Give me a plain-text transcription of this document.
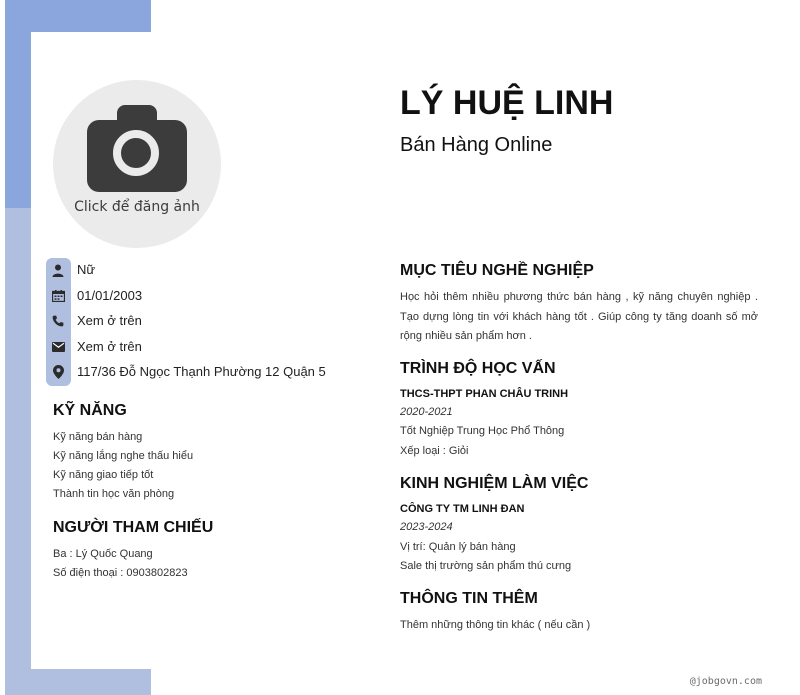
Click để đăng ảnh
Nữ
01/01/2003
Xem ở trên
Xem ở trên
117/36 Đỗ Ngọc Thạnh Phường 12 Quận 5
KỸ NĂNG
Kỹ năng bán hàng
Kỹ năng lắng nghe thấu hiểu
Kỹ năng giao tiếp tốt
Thành tin học văn phòng
NGƯỜI THAM CHIẾU
Ba : Lý Quốc Quang
Số điện thoại : 0903802823
LÝ HUỆ LINH
Bán Hàng Online
MỤC TIÊU NGHỀ NGHIỆP
Học hỏi thêm nhiều phương thức bán hàng , kỹ năng chuyên nghiệp . Tạo dựng lòng tin với khách hàng tốt . Giúp công ty tăng doanh số mở rộng nhiều sản phẩm hơn .
TRÌNH ĐỘ HỌC VẤN
THCS-THPT PHAN CHÂU TRINH
2020-2021
Tốt Nghiệp Trung Học Phổ Thông
Xếp loại : Giỏi
KINH NGHIỆM LÀM VIỆC
CÔNG TY TM LINH ĐAN
2023-2024
Vị trí: Quản lý bán hàng
Sale thị trường sản phẩm thú cưng
THÔNG TIN THÊM
Thêm những thông tin khác ( nếu cần )
@jobgovn.com
